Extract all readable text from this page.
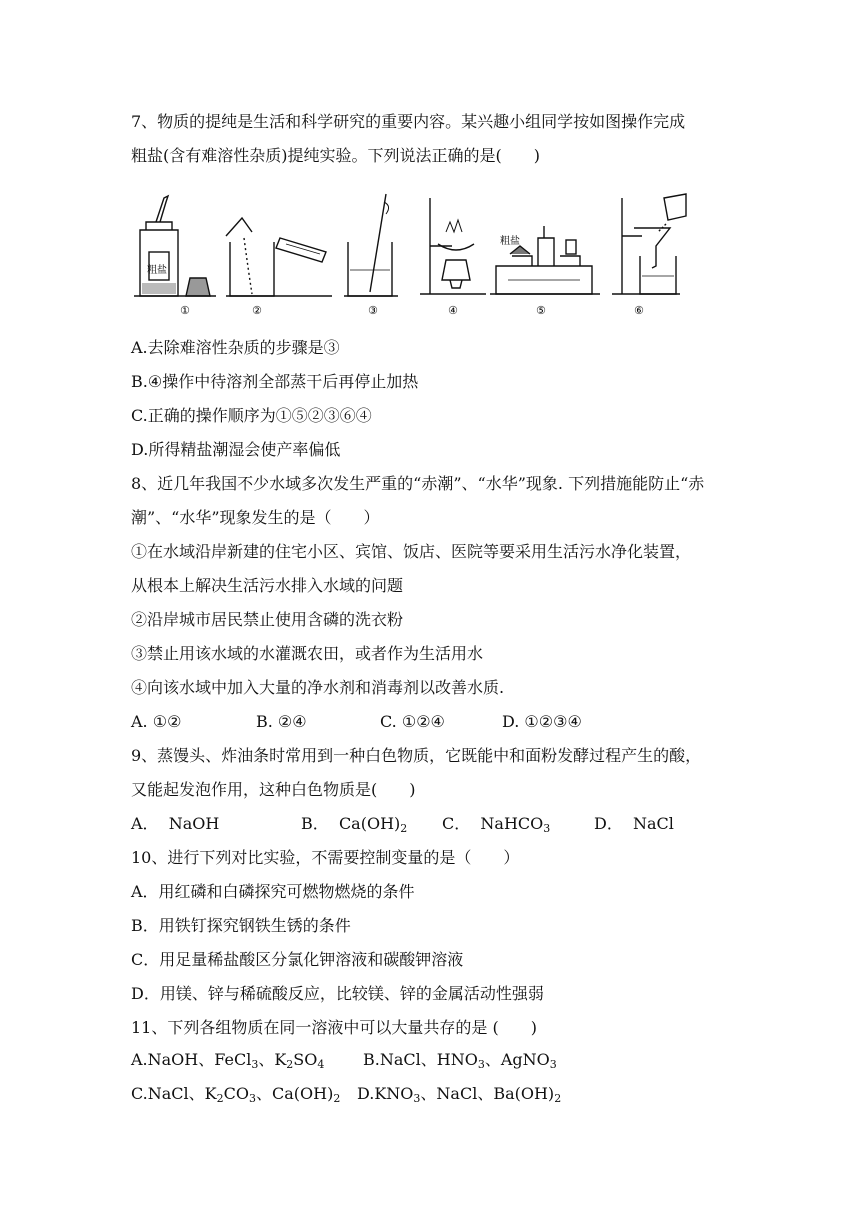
7、物质的提纯是生活和科学研究的重要内容。某兴趣小组同学按如图操作完成
粗盐(含有难溶性杂质)提纯实验。下列说法正确的是(　　)
粗盐
粗盐
①	②	③	④	⑤	⑥
A.去除难溶性杂质的步骤是③
B.④操作中待溶剂全部蒸干后再停止加热
C.正确的操作顺序为①⑤②③⑥④
D.所得精盐潮湿会使产率偏低
8、近几年我国不少水域多次发生严重的“赤潮”、“水华”现象. 下列措施能防止“赤
潮”、“水华”现象发生的是（　　）
①在水域沿岸新建的住宅小区、宾馆、饭店、医院等要采用生活污水净化装置，
从根本上解决生活污水排入水域的问题
②沿岸城市居民禁止使用含磷的洗衣粉
③禁止用该水域的水灌溉农田，或者作为生活用水
④向该水域中加入大量的净水剂和消毒剂以改善水质.
A. ①②	B. ②④	C. ①②④	D. ①②③④
9、蒸馒头、炸油条时常用到一种白色物质，它既能中和面粉发酵过程产生的酸，
又能起发泡作用，这种白色物质是(　　)
A． NaOH	B． $Ca(OH)_2$ C． NaHCO$_3$	D． NaCl
10、进行下列对比实验，不需要控制变量的是（　　）
A．用红磷和白磷探究可燃物燃烧的条件
B．用铁钉探究钢铁生锈的条件
C．用足量稀盐酸区分氯化钾溶液和碳酸钾溶液
D．用镁、锌与稀硫酸反应，比较镁、锌的金属活动性强弱
11、下列各组物质在同一溶液中可以大量共存的是 (　　)
A.NaOH、FeCl$_3$、$K_2SO_4$ B.NaCl、$HNO_3$、AgNO$_3$
C.NaCl、$K_2CO_3$、$Ca(OH)_2$ $D.KNO_3$、NaCl、$Ba(OH)_2$
